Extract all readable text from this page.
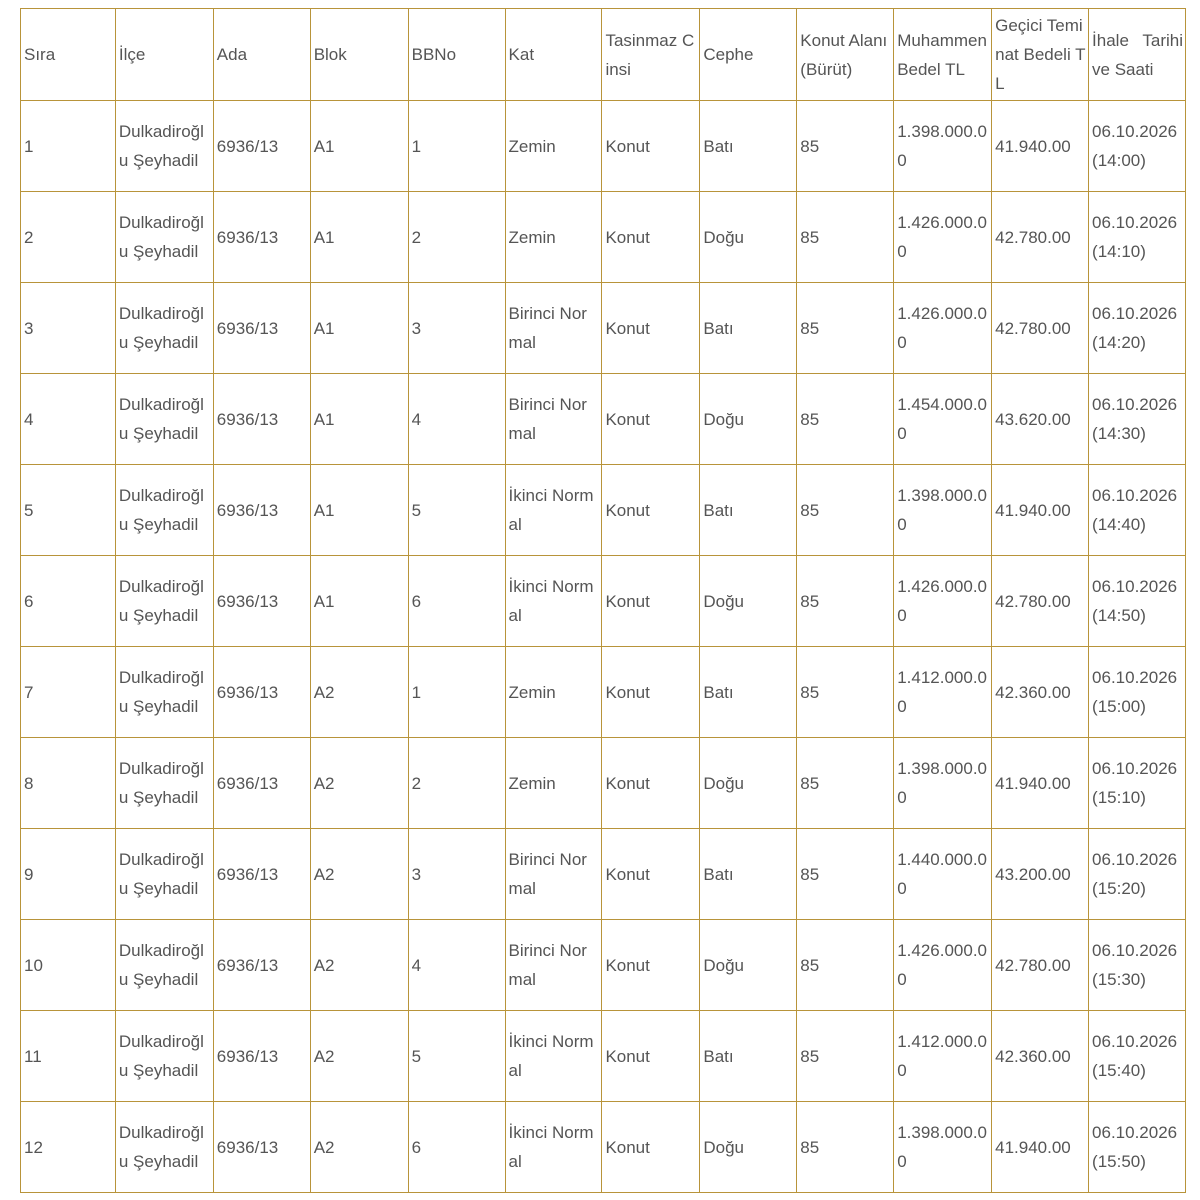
Sıra	İlçe	Ada	Blok	BBNo	Kat	Tasinmaz Cinsi	Cephe	Konut Alanı (Bürüt)	Muhammen Bedel TL	Geçici Teminat Bedeli TL	İhale Tarihi ve Saati
1	Dulkadiroğlu Şeyhadil	6936/13	A1	1	Zemin	Konut	Batı	85	1.398.000.00	41.940.00	06.10.2026 (14:00)
2	Dulkadiroğlu Şeyhadil	6936/13	A1	2	Zemin	Konut	Doğu	85	1.426.000.00	42.780.00	06.10.2026 (14:10)
3	Dulkadiroğlu Şeyhadil	6936/13	A1	3	Birinci Normal	Konut	Batı	85	1.426.000.00	42.780.00	06.10.2026 (14:20)
4	Dulkadiroğlu Şeyhadil	6936/13	A1	4	Birinci Normal	Konut	Doğu	85	1.454.000.00	43.620.00	06.10.2026 (14:30)
5	Dulkadiroğlu Şeyhadil	6936/13	A1	5	İkinci Normal	Konut	Batı	85	1.398.000.00	41.940.00	06.10.2026 (14:40)
6	Dulkadiroğlu Şeyhadil	6936/13	A1	6	İkinci Normal	Konut	Doğu	85	1.426.000.00	42.780.00	06.10.2026 (14:50)
7	Dulkadiroğlu Şeyhadil	6936/13	A2	1	Zemin	Konut	Batı	85	1.412.000.00	42.360.00	06.10.2026 (15:00)
8	Dulkadiroğlu Şeyhadil	6936/13	A2	2	Zemin	Konut	Doğu	85	1.398.000.00	41.940.00	06.10.2026 (15:10)
9	Dulkadiroğlu Şeyhadil	6936/13	A2	3	Birinci Normal	Konut	Batı	85	1.440.000.00	43.200.00	06.10.2026 (15:20)
10	Dulkadiroğlu Şeyhadil	6936/13	A2	4	Birinci Normal	Konut	Doğu	85	1.426.000.00	42.780.00	06.10.2026 (15:30)
11	Dulkadiroğlu Şeyhadil	6936/13	A2	5	İkinci Normal	Konut	Batı	85	1.412.000.00	42.360.00	06.10.2026 (15:40)
12	Dulkadiroğlu Şeyhadil	6936/13	A2	6	İkinci Normal	Konut	Doğu	85	1.398.000.00	41.940.00	06.10.2026 (15:50)
